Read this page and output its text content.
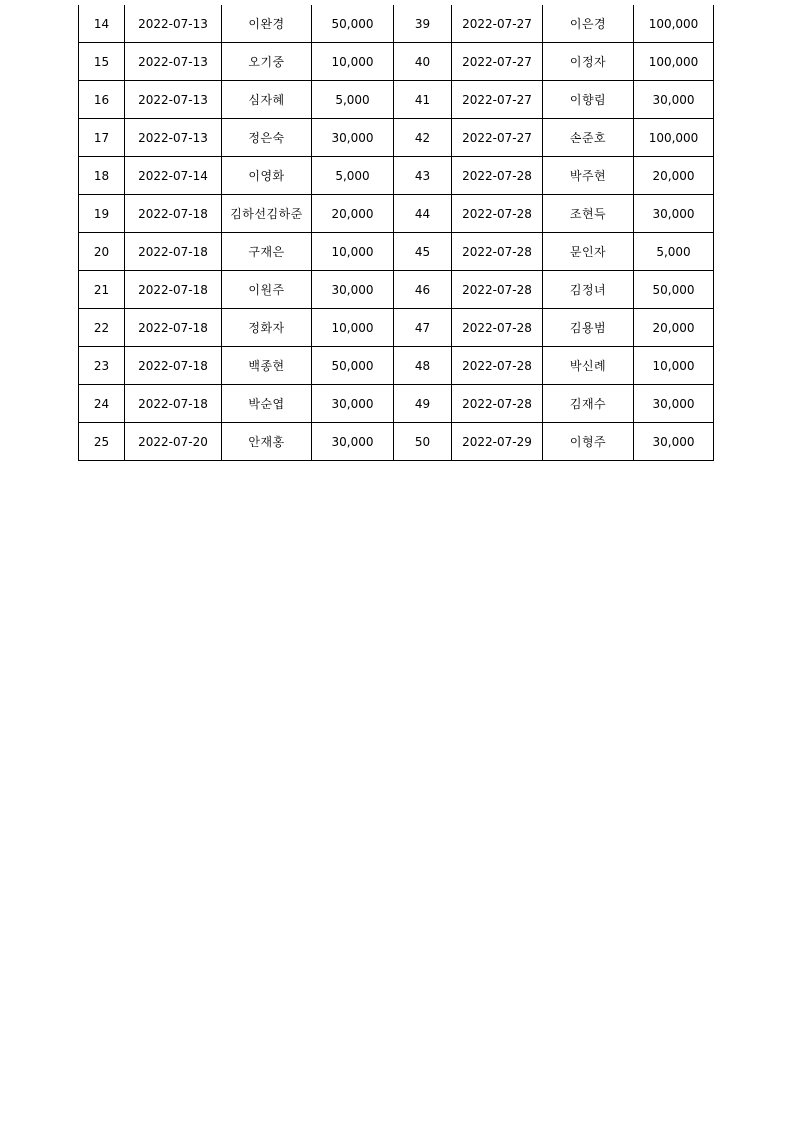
14	2022-07-13	이완경	50,000	39	2022-07-27	이은경	100,000
15	2022-07-13	오기중	10,000	40	2022-07-27	이정자	100,000
16	2022-07-13	심자혜	5,000	41	2022-07-27	이향림	30,000
17	2022-07-13	정은숙	30,000	42	2022-07-27	손준호	100,000
18	2022-07-14	이영화	5,000	43	2022-07-28	박주현	20,000
19	2022-07-18	김하선김하준	20,000	44	2022-07-28	조현득	30,000
20	2022-07-18	구재은	10,000	45	2022-07-28	문인자	5,000
21	2022-07-18	이원주	30,000	46	2022-07-28	김정녀	50,000
22	2022-07-18	정화자	10,000	47	2022-07-28	김용범	20,000
23	2022-07-18	백종현	50,000	48	2022-07-28	박신례	10,000
24	2022-07-18	박순엽	30,000	49	2022-07-28	김재수	30,000
25	2022-07-20	안재홍	30,000	50	2022-07-29	이형주	30,000
